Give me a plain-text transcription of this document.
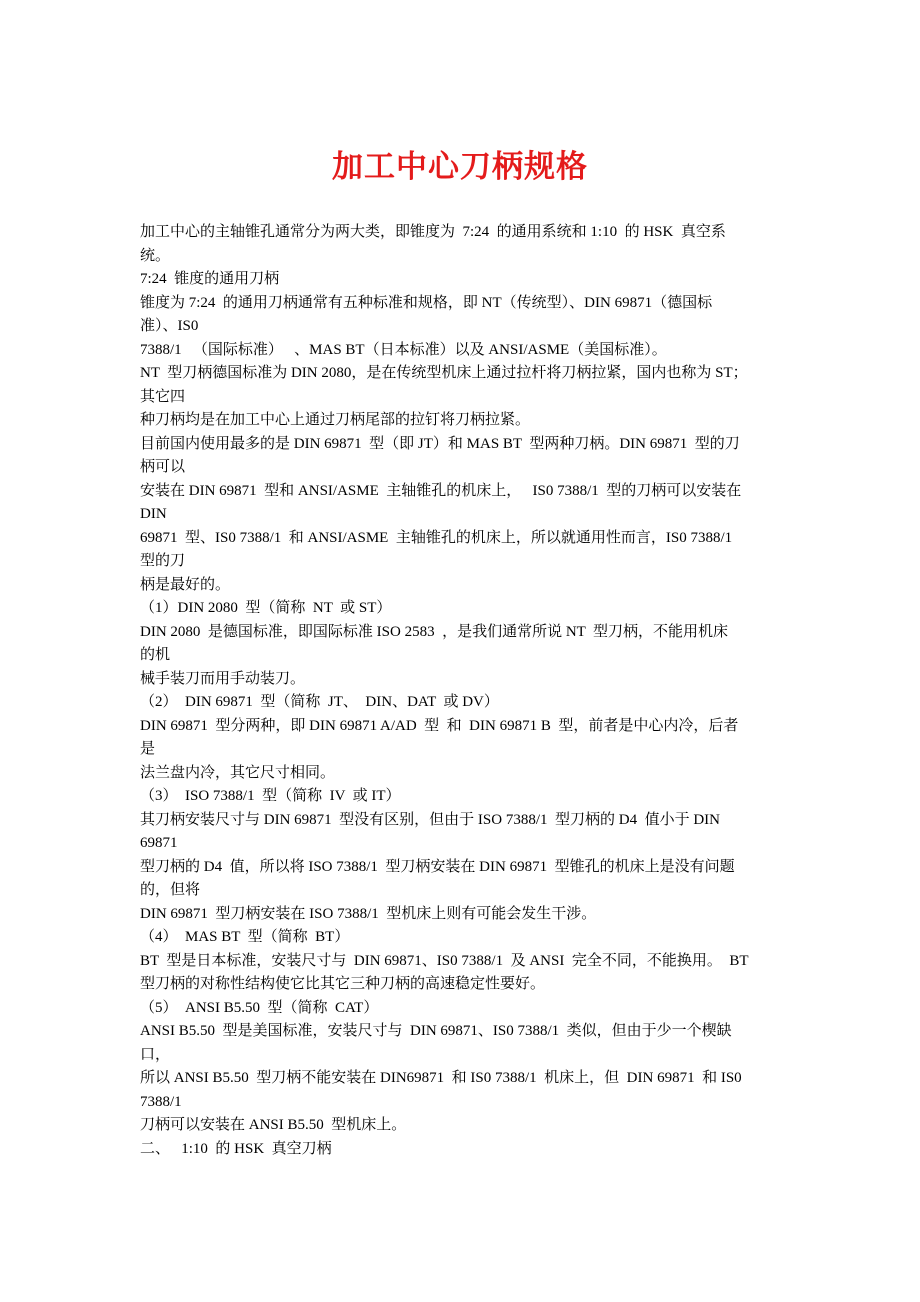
加工中心刀柄规格
加工中心的主轴锥孔通常分为两大类，即锥度为  7:24  的通用系统和 1:10  的 HSK  真空系
统。
7:24  锥度的通用刀柄
锥度为 7:24  的通用刀柄通常有五种标准和规格，即 NT（传统型）、DIN 69871（德国标
准）、IS0
7388/1   （国际标准）   、MAS BT（日本标准）以及 ANSI/ASME（美国标准）。
NT  型刀柄德国标准为 DIN 2080，是在传统型机床上通过拉杆将刀柄拉紧，国内也称为 ST；
其它四
种刀柄均是在加工中心上通过刀柄尾部的拉钉将刀柄拉紧。
目前国内使用最多的是 DIN 69871  型（即 JT）和 MAS BT  型两种刀柄。DIN 69871  型的刀
柄可以
安装在 DIN 69871  型和 ANSI/ASME  主轴锥孔的机床上，   IS0 7388/1  型的刀柄可以安装在
DIN
69871  型、IS0 7388/1  和 ANSI/ASME  主轴锥孔的机床上，所以就通用性而言，IS0 7388/1
型的刀
柄是最好的。
（1）DIN 2080  型（简称  NT  或 ST）
DIN 2080  是德国标准，即国际标准 ISO 2583  ，是我们通常所说 NT  型刀柄，不能用机床
的机
械手装刀而用手动装刀。
（2）  DIN 69871  型（简称  JT、  DIN、DAT  或 DV）
DIN 69871  型分两种，即 DIN 69871 A/AD  型  和  DIN 69871 B  型，前者是中心内冷，后者
是
法兰盘内冷，其它尺寸相同。
（3）  ISO 7388/1  型（简称  IV  或 IT）
其刀柄安装尺寸与 DIN 69871  型没有区别，但由于 ISO 7388/1  型刀柄的 D4  值小于 DIN
69871
型刀柄的 D4  值，所以将 ISO 7388/1  型刀柄安装在 DIN 69871  型锥孔的机床上是没有问题
的，但将
DIN 69871  型刀柄安装在 ISO 7388/1  型机床上则有可能会发生干涉。
（4）  MAS BT  型（简称  BT）
BT  型是日本标准，安装尺寸与  DIN 69871、IS0 7388/1  及 ANSI  完全不同，不能换用。  BT
型刀柄的对称性结构使它比其它三种刀柄的高速稳定性要好。
（5）  ANSI B5.50  型（简称  CAT）
ANSI B5.50  型是美国标准，安装尺寸与  DIN 69871、IS0 7388/1  类似，但由于少一个楔缺
口，
所以 ANSI B5.50  型刀柄不能安装在 DIN69871  和 IS0 7388/1  机床上，但  DIN 69871  和 IS0
7388/1
刀柄可以安装在 ANSI B5.50  型机床上。
二、   1:10  的 HSK  真空刀柄
